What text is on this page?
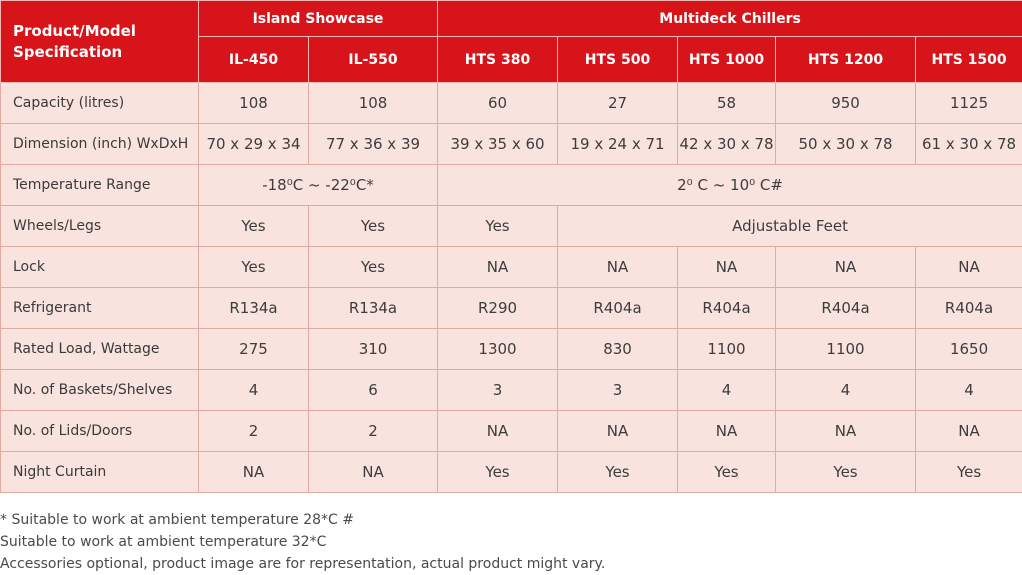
Product/Model Specification	Island Showcase		Multideck Chillers				
	IL-450	IL-550	HTS 380	HTS 500	HTS 1000	HTS 1200	HTS 1500
Capacity (litres)	108	108	60	27	58	950	1125
Dimension (inch) WxDxH	70 x 29 x 34	77 x 36 x 39	39 x 35 x 60	19 x 24 x 71	42 x 30 x 78	50 x 30 x 78	61 x 30 x 78
Temperature Range	-18⁰C ~ -22⁰C*		2⁰ C ~ 10⁰ C#				
Wheels/Legs	Yes	Yes	Yes	Adjustable Feet			
Lock	Yes	Yes	NA	NA	NA	NA	NA
Refrigerant	R134a	R134a	R290	R404a	R404a	R404a	R404a
Rated Load, Wattage	275	310	1300	830	1100	1100	1650
No. of Baskets/Shelves	4	6	3	3	4	4	4
No. of Lids/Doors	2	2	NA	NA	NA	NA	NA
Night Curtain	NA	NA	Yes	Yes	Yes	Yes	Yes

* Suitable to work at ambient temperature 28*C #

Suitable to work at ambient temperature 32*C

Accessories optional, product image are for representation, actual product might vary.
